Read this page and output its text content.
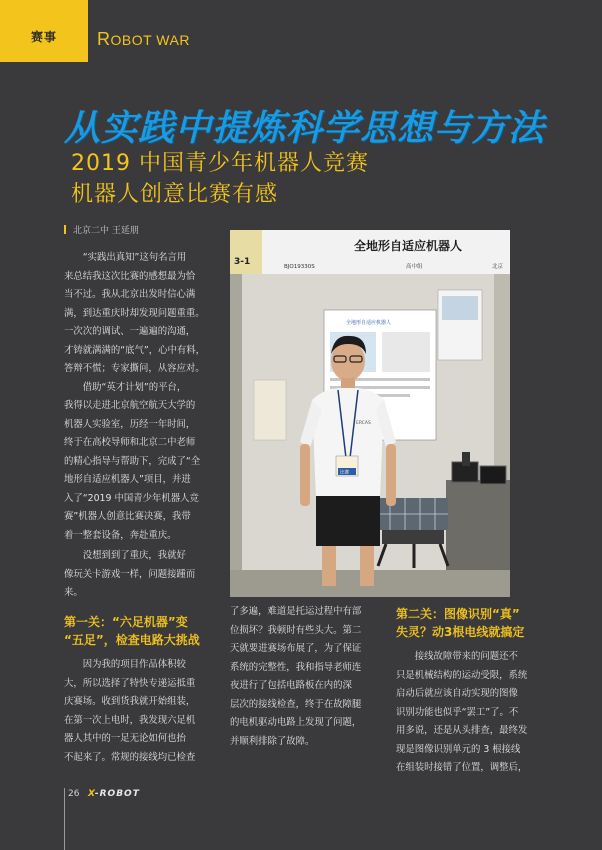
赛事	ROBOT WAR
从实践中提炼科学思想与方法
2019 中国青少年机器人竞赛
机器人创意比赛有感
北京二中 王延朋

　　“实践出真知”这句名言用

来总结我这次比赛的感想最为恰

当不过。我从北京出发时信心满

满，到达重庆时却发现问题重重。

一次次的调试、一遍遍的沟通，

才铸就满满的“底气”，心中有料，

答辩不慌；专家撕问，从容应对。

　　借助“英才计划”的平台，

我得以走进北京航空航天大学的

机器人实验室，历经一年时间，

终于在高校导师和北京二中老师

的精心指导与帮助下，完成了“全

地形自适应机器人”项目，并进

入了“2019 中国青少年机器人竞

赛”机器人创意比赛决赛，我带

着一整套设备，奔赴重庆。

　　没想到到了重庆，我就好

像玩关卡游戏一样，问题接踵而

来。

第一关：“六足机器”变

“五足”，检查电路大挑战

　　因为我的项目作品体积较

大，所以选择了特快专递运抵重

庆赛场。收到货我就开始组装，

在第一次上电时，我发现六足机

器人其中的一足无论如何也抬

不起来了。常规的接线均已检查

3-1
全地形自适应机器人
BJO19330S	高中组	北京
全地形自适应机器人
ERCAS
比赛

了多遍，难道是托运过程中有部

位损坏？我顿时有些头大。第二

天就要进赛场布展了，为了保证

系统的完整性，我和指导老师连

夜进行了包括电路板在内的深

层次的接线检查，终于在故障腿

的电机驱动电路上发现了问题，

并顺利排除了故障。

第二关：图像识别“真”

失灵？动3根电线就搞定

　　接线故障带来的问题还不

只是机械结构的运动受限，系统

启动后就应该自动实现的图像

识别功能也似乎“罢工”了。不

用多说，还是从头排查，最终发

现是图像识别单元的 3 根接线

在组装时接错了位置，调整后，

26 X-ROBOT
